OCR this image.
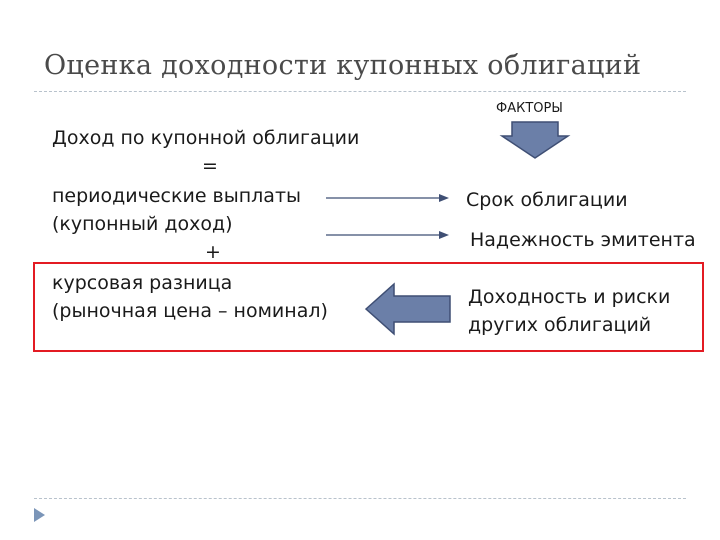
Оценка доходности купонных облигаций
ФАКТОРЫ
Доход по купонной облигации
=
периодические выплаты
(купонный доход)
+
курсовая разница
(рыночная цена – номинал)
Срок облигации
Надежность эмитента
Доходность и риски
других облигаций
